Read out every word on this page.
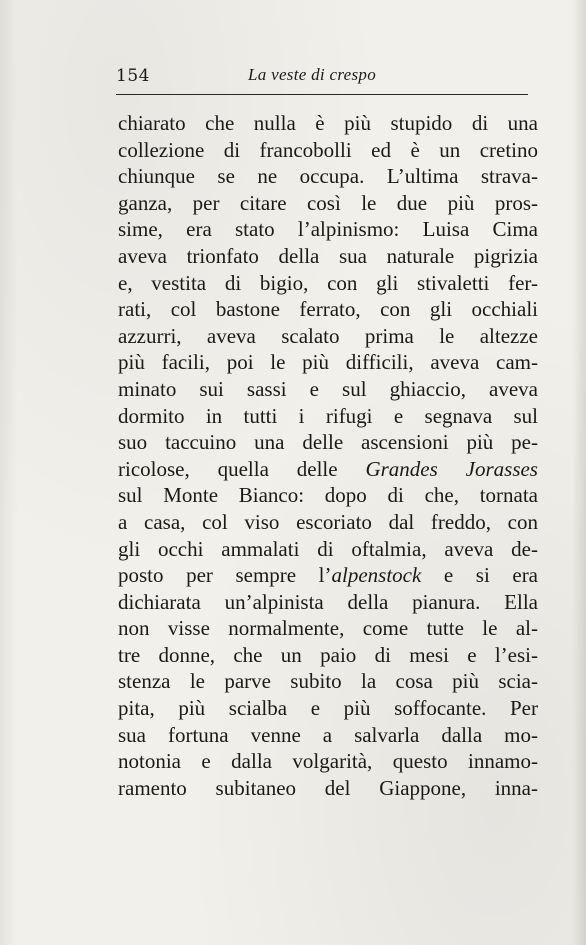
154	La veste di crespo
chiarato che nulla è più stupido di una
collezione di francobolli ed è un cretino
chiunque se ne occupa. L’ultima strava-
ganza, per citare così le due più pros-
sime, era stato l’alpinismo: Luisa Cima
aveva trionfato della sua naturale pigrizia
e, vestita di bigio, con gli stivaletti fer-
rati, col bastone ferrato, con gli occhiali
azzurri, aveva scalato prima le altezze
più facili, poi le più difficili, aveva cam-
minato sui sassi e sul ghiaccio, aveva
dormito in tutti i rifugi e segnava sul
suo taccuino una delle ascensioni più pe-
ricolose, quella delle Grandes Jorasses
sul Monte Bianco: dopo di che, tornata
a casa, col viso escoriato dal freddo, con
gli occhi ammalati di oftalmia, aveva de-
posto per sempre l’alpenstock e si era
dichiarata un’alpinista della pianura. Ella
non visse normalmente, come tutte le al-
tre donne, che un paio di mesi e l’esi-
stenza le parve subito la cosa più scia-
pita, più scialba e più soffocante. Per
sua fortuna venne a salvarla dalla mo-
notonia e dalla volgarità, questo innamo-
ramento subitaneo del Giappone, inna-
